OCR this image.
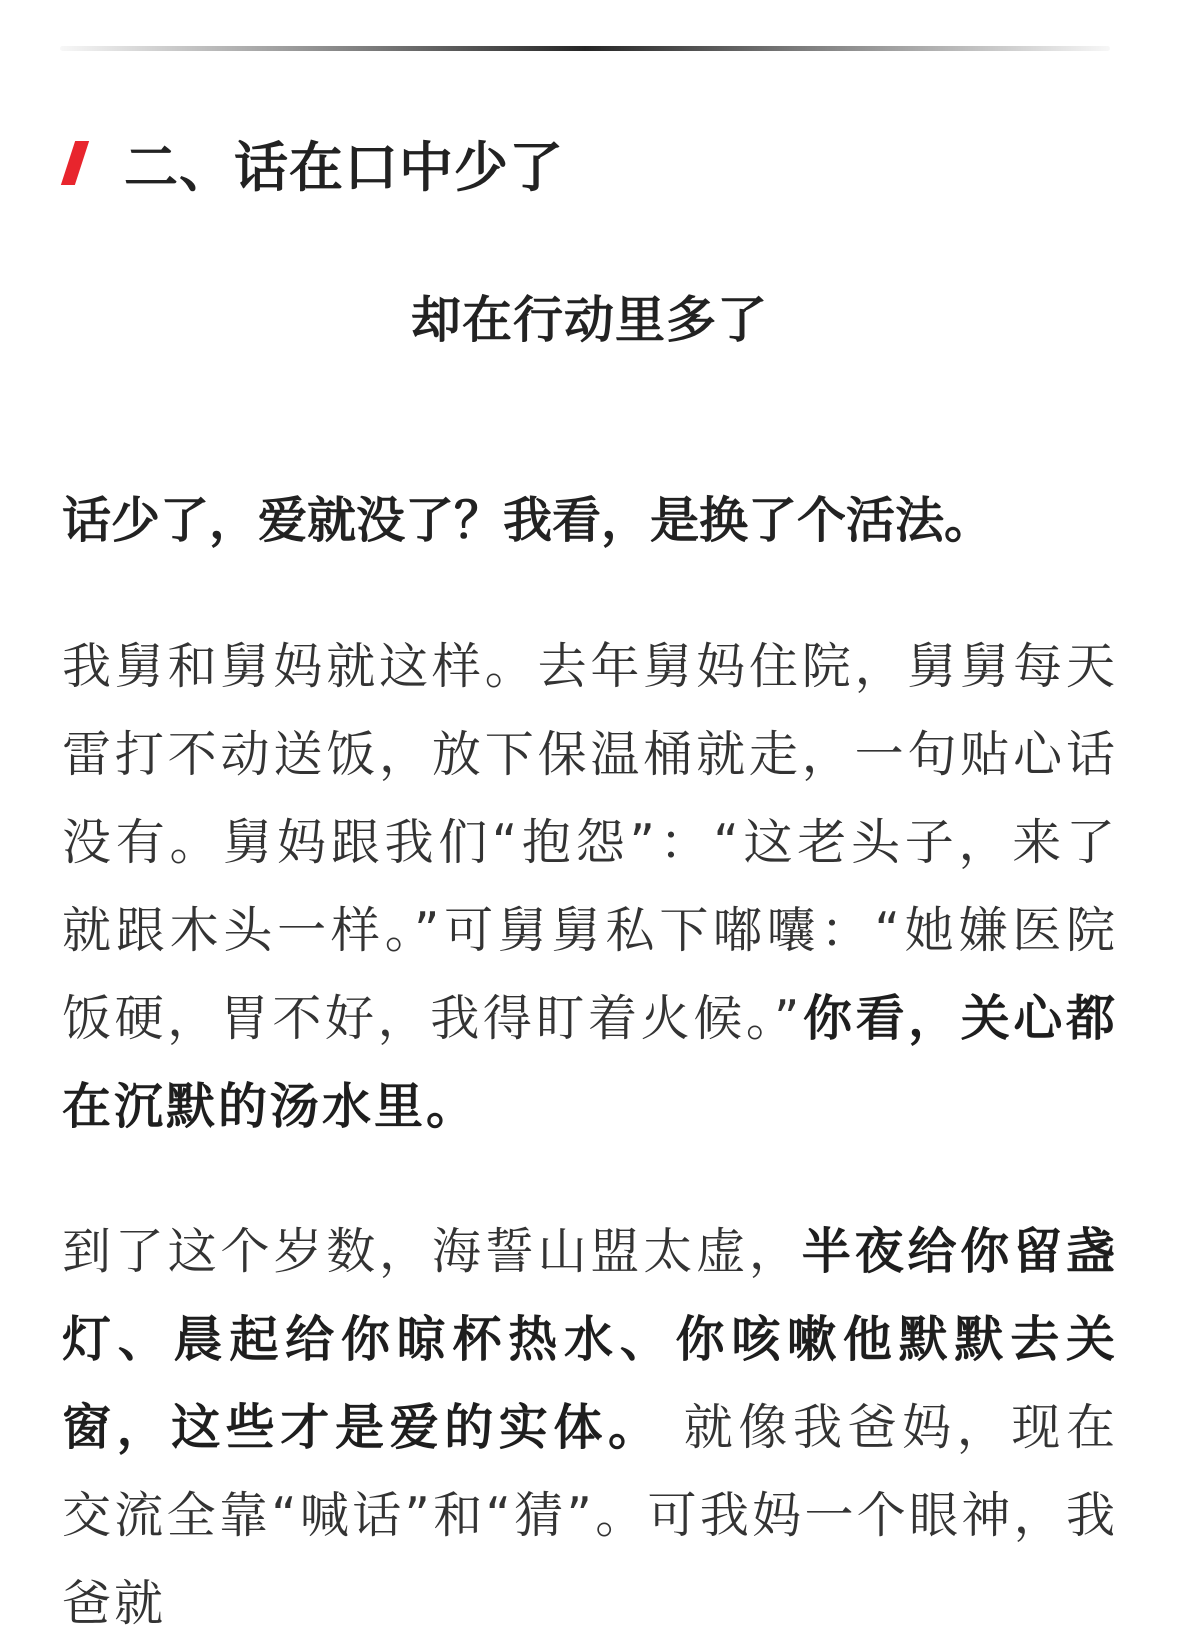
二、话在口中少了
却在行动里多了
话少了，爱就没了？我看，是换了个活法。

我舅和舅妈就这样。去年舅妈住院，舅舅每天雷打不动送饭，放下保温桶就走，一句贴心话没有。舅妈跟我们“抱怨”：“这老头子，来了就跟木头一样。”可舅舅私下嘟囔：“她嫌医院饭硬，胃不好，我得盯着火候。”你看，关心都在沉默的汤水里。

到了这个岁数，海誓山盟太虚，半夜给你留盏灯、晨起给你晾杯热水、你咳嗽他默默去关窗，这些才是爱的实体。 就像我爸妈，现在交流全靠“喊话”和“猜”。可我妈一个眼神，我爸就
